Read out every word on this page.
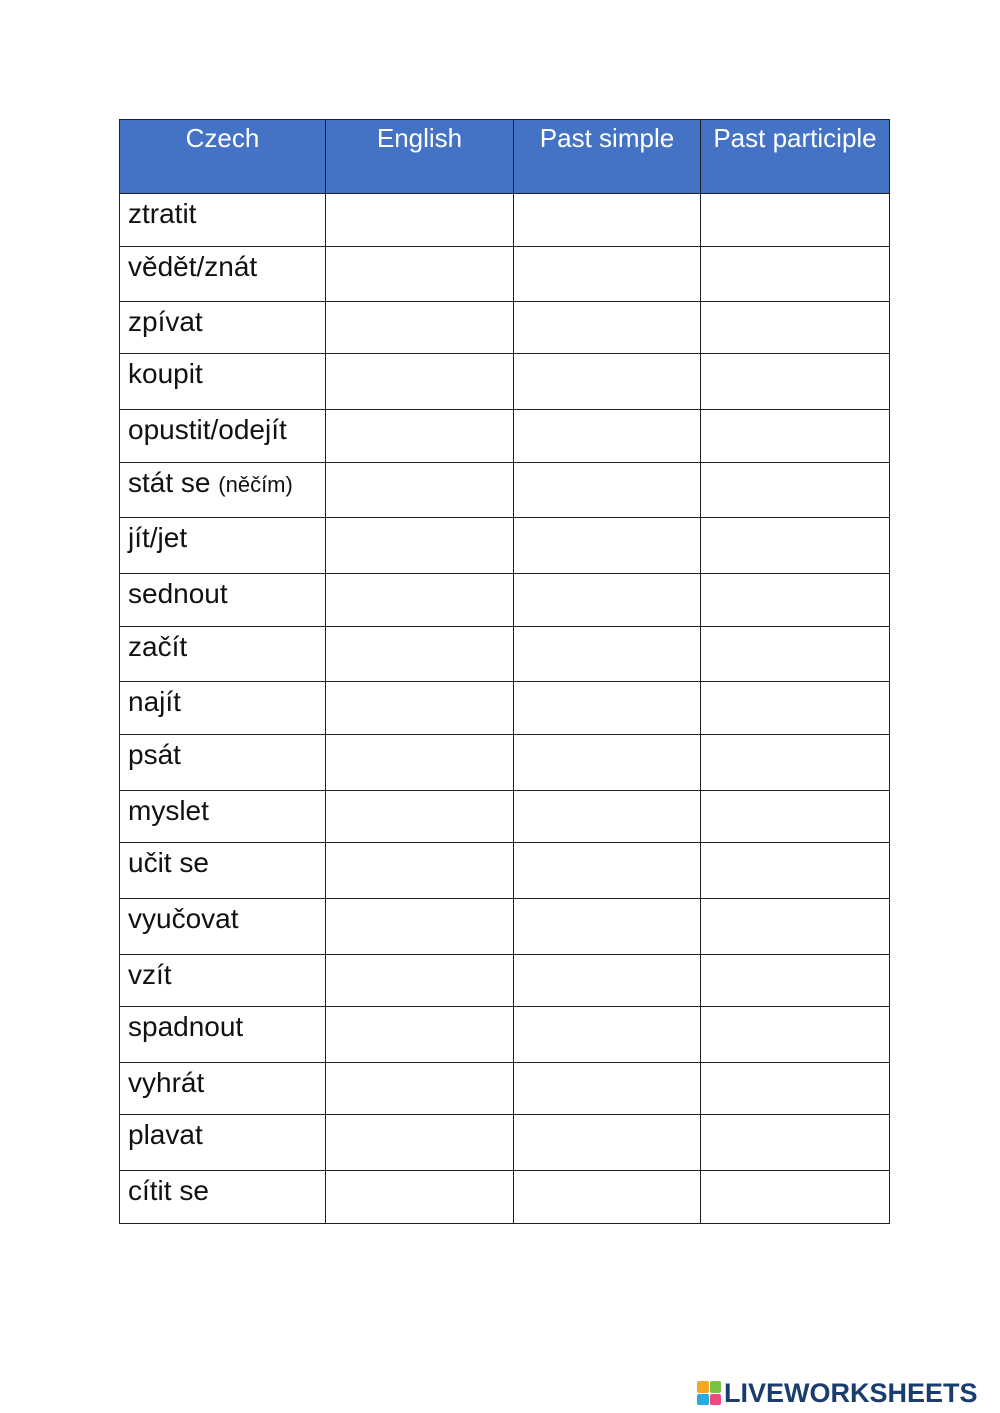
Czech	English	Past simple	Past participle
ztratit			
vědět/znát			
zpívat			
koupit			
opustit/odejít			
stát se (něčím)			
jít/jet			
sednout			
začít			
najít			
psát			
myslet			
učit se			
vyučovat			
vzít			
spadnout			
vyhrát			
plavat			
cítit se			
LIVEWORKSHEETS
